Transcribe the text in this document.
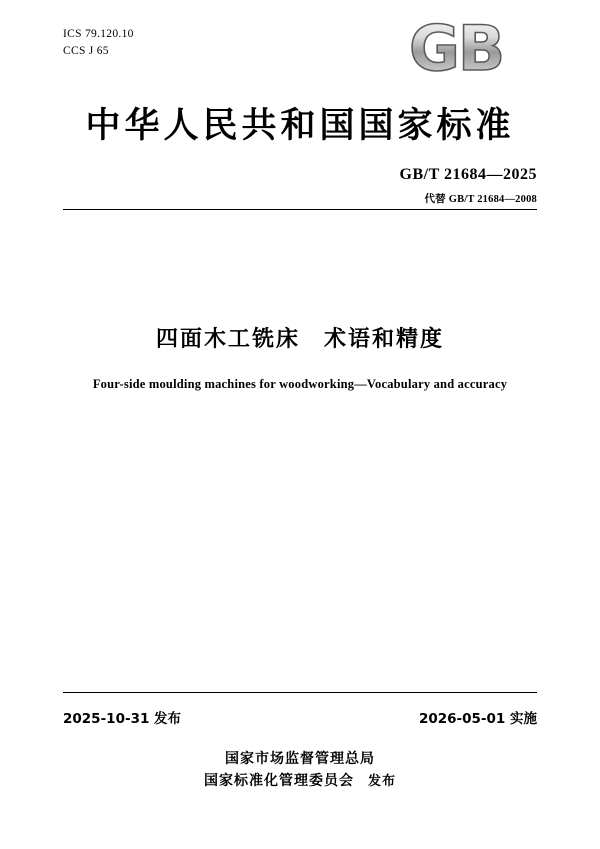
ICS 79.120.10
CCS J 65	GB
中华人民共和国国家标准
GB/T 21684—2025
代替 GB/T 21684—2008
四面木工铣床　术语和精度
Four-side moulding machines for woodworking—Vocabulary and accuracy
2025-10-31 发布	2026-05-01 实施
国家市场监督管理总局
国家标准化管理委员会 发布
